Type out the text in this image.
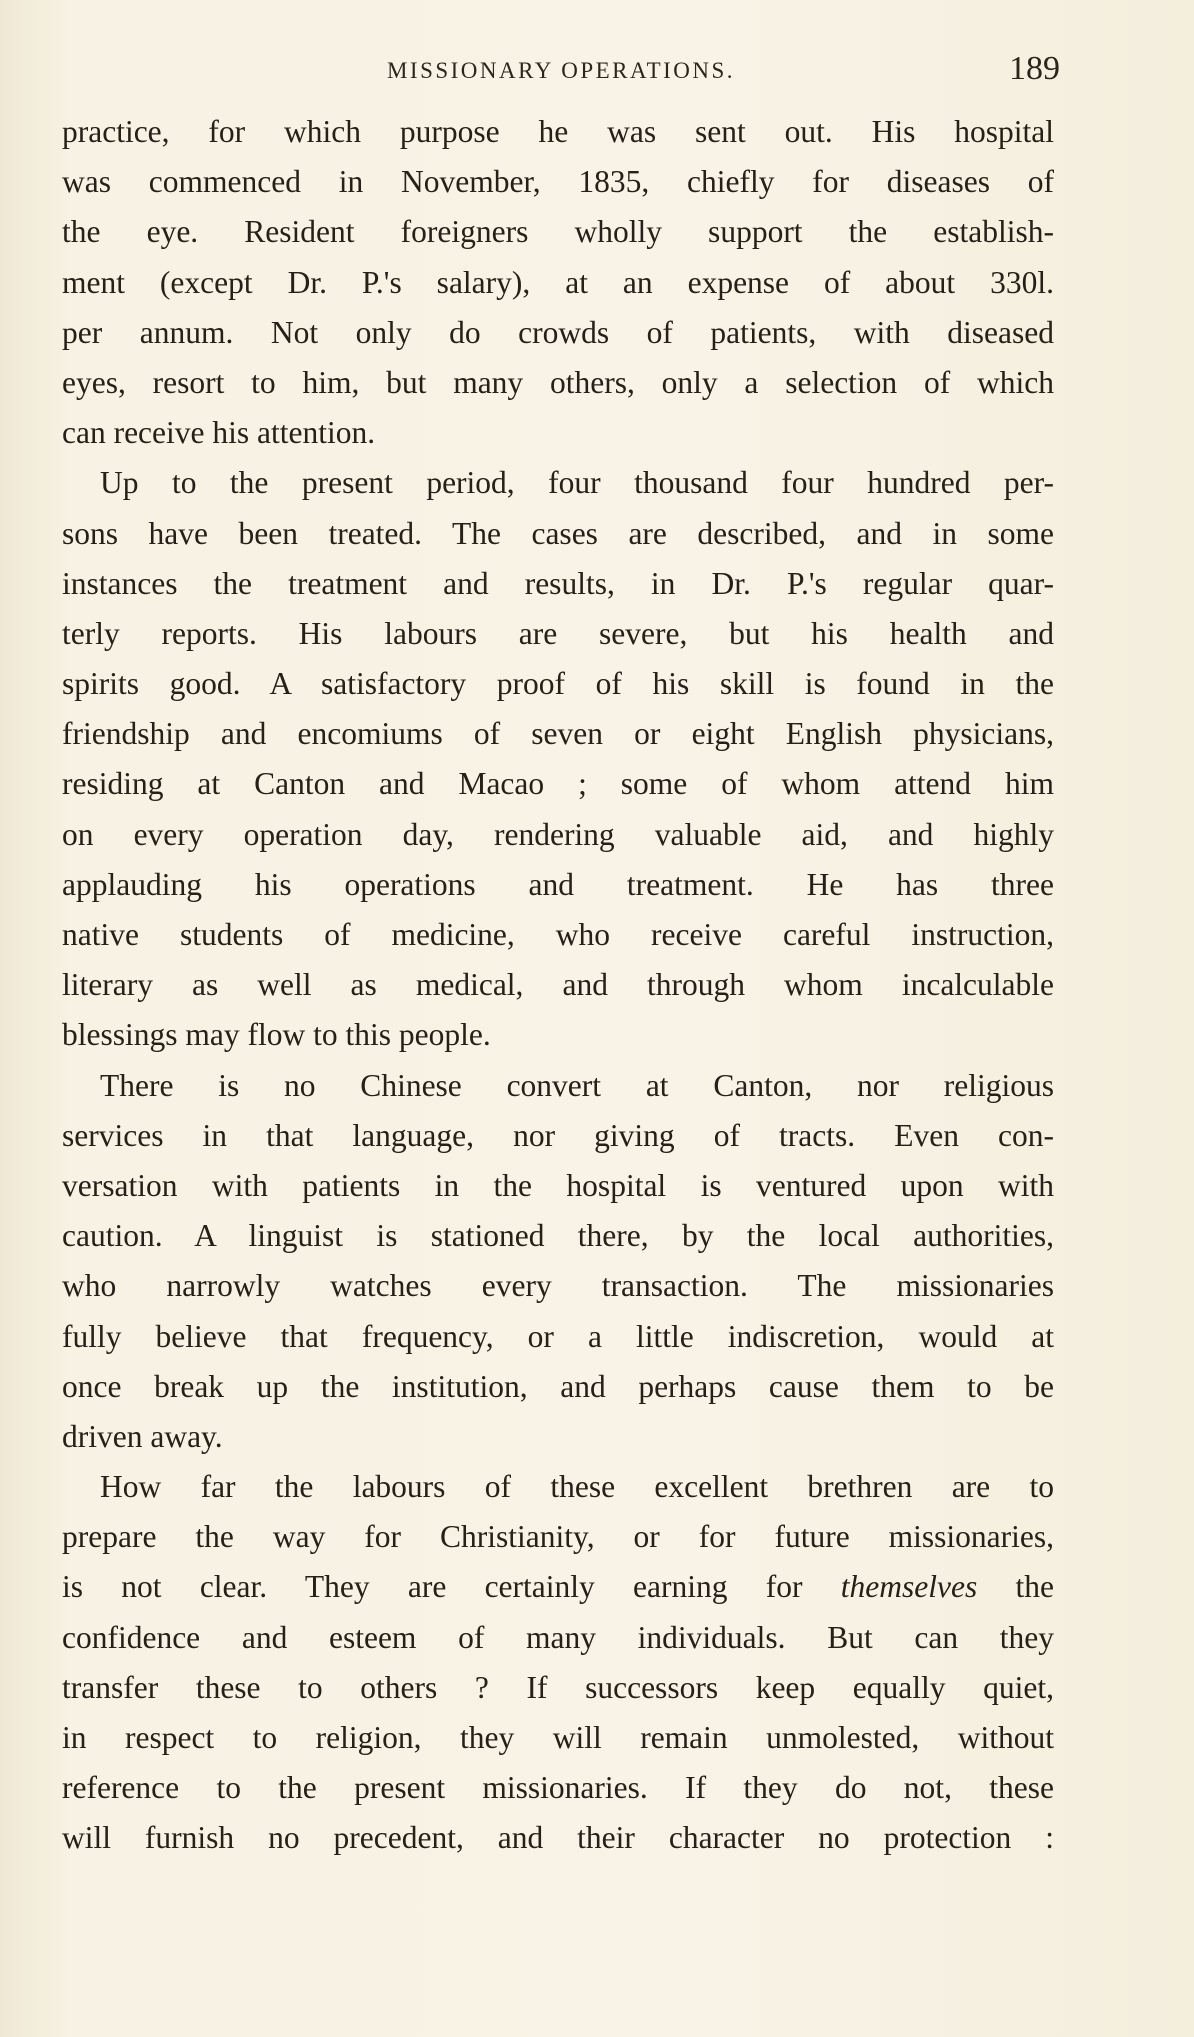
MISSIONARY OPERATIONS.	189
practice, for which purpose he was sent out. His hospital
was commenced in November, 1835, chiefly for diseases of
the eye. Resident foreigners wholly support the establish-
ment (except Dr. P.'s salary), at an expense of about 330l.
per annum. Not only do crowds of patients, with diseased
eyes, resort to him, but many others, only a selection of which
can receive his attention.
Up to the present period, four thousand four hundred per-
sons have been treated. The cases are described, and in some
instances the treatment and results, in Dr. P.'s regular quar-
terly reports. His labours are severe, but his health and
spirits good. A satisfactory proof of his skill is found in the
friendship and encomiums of seven or eight English physicians,
residing at Canton and Macao ; some of whom attend him
on every operation day, rendering valuable aid, and highly
applauding his operations and treatment. He has three
native students of medicine, who receive careful instruction,
literary as well as medical, and through whom incalculable
blessings may flow to this people.
There is no Chinese convert at Canton, nor religious
services in that language, nor giving of tracts. Even con-
versation with patients in the hospital is ventured upon with
caution. A linguist is stationed there, by the local authorities,
who narrowly watches every transaction. The missionaries
fully believe that frequency, or a little indiscretion, would at
once break up the institution, and perhaps cause them to be
driven away.
How far the labours of these excellent brethren are to
prepare the way for Christianity, or for future missionaries,
is not clear. They are certainly earning for themselves the
confidence and esteem of many individuals. But can they
transfer these to others ? If successors keep equally quiet,
in respect to religion, they will remain unmolested, without
reference to the present missionaries. If they do not, these
will furnish no precedent, and their character no protection :
